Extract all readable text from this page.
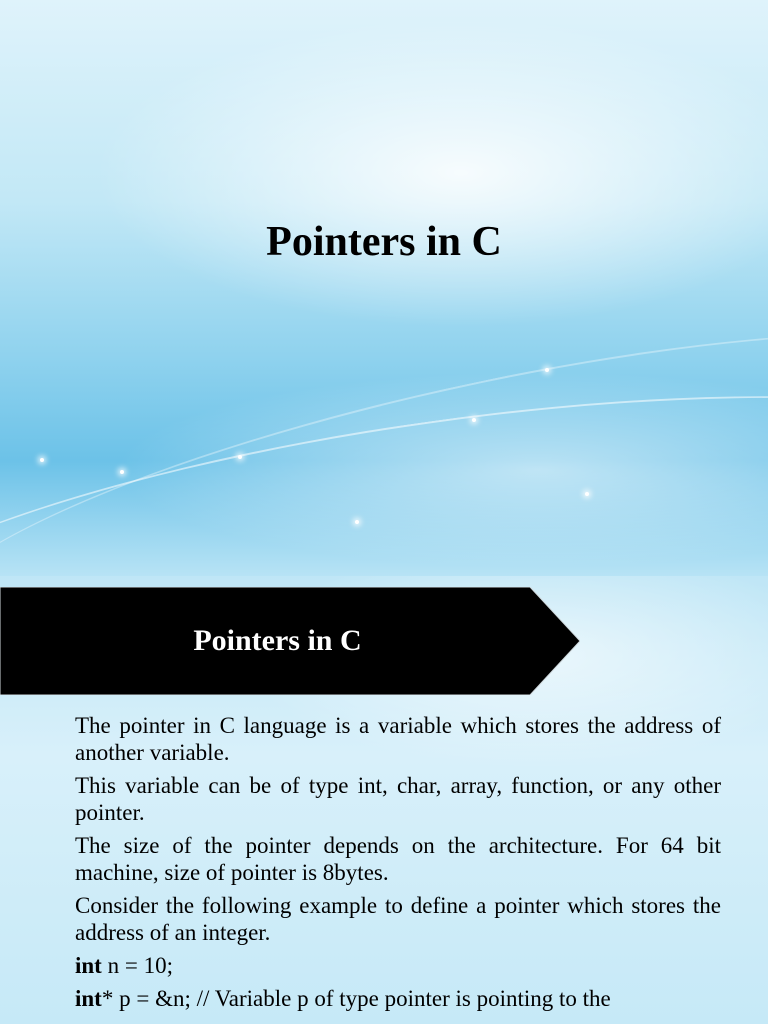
Pointers in C
Pointers in C

The pointer in C language is a variable which stores the address of another variable.

This variable can be of type int, char, array, function, or any other pointer.

The size of the pointer depends on the architecture. For 64 bit machine, size of pointer is 8bytes.

Consider the following example to define a pointer which stores the address of an integer.

int n = 10;

int* p = &n; // Variable p of type pointer is pointing to the
